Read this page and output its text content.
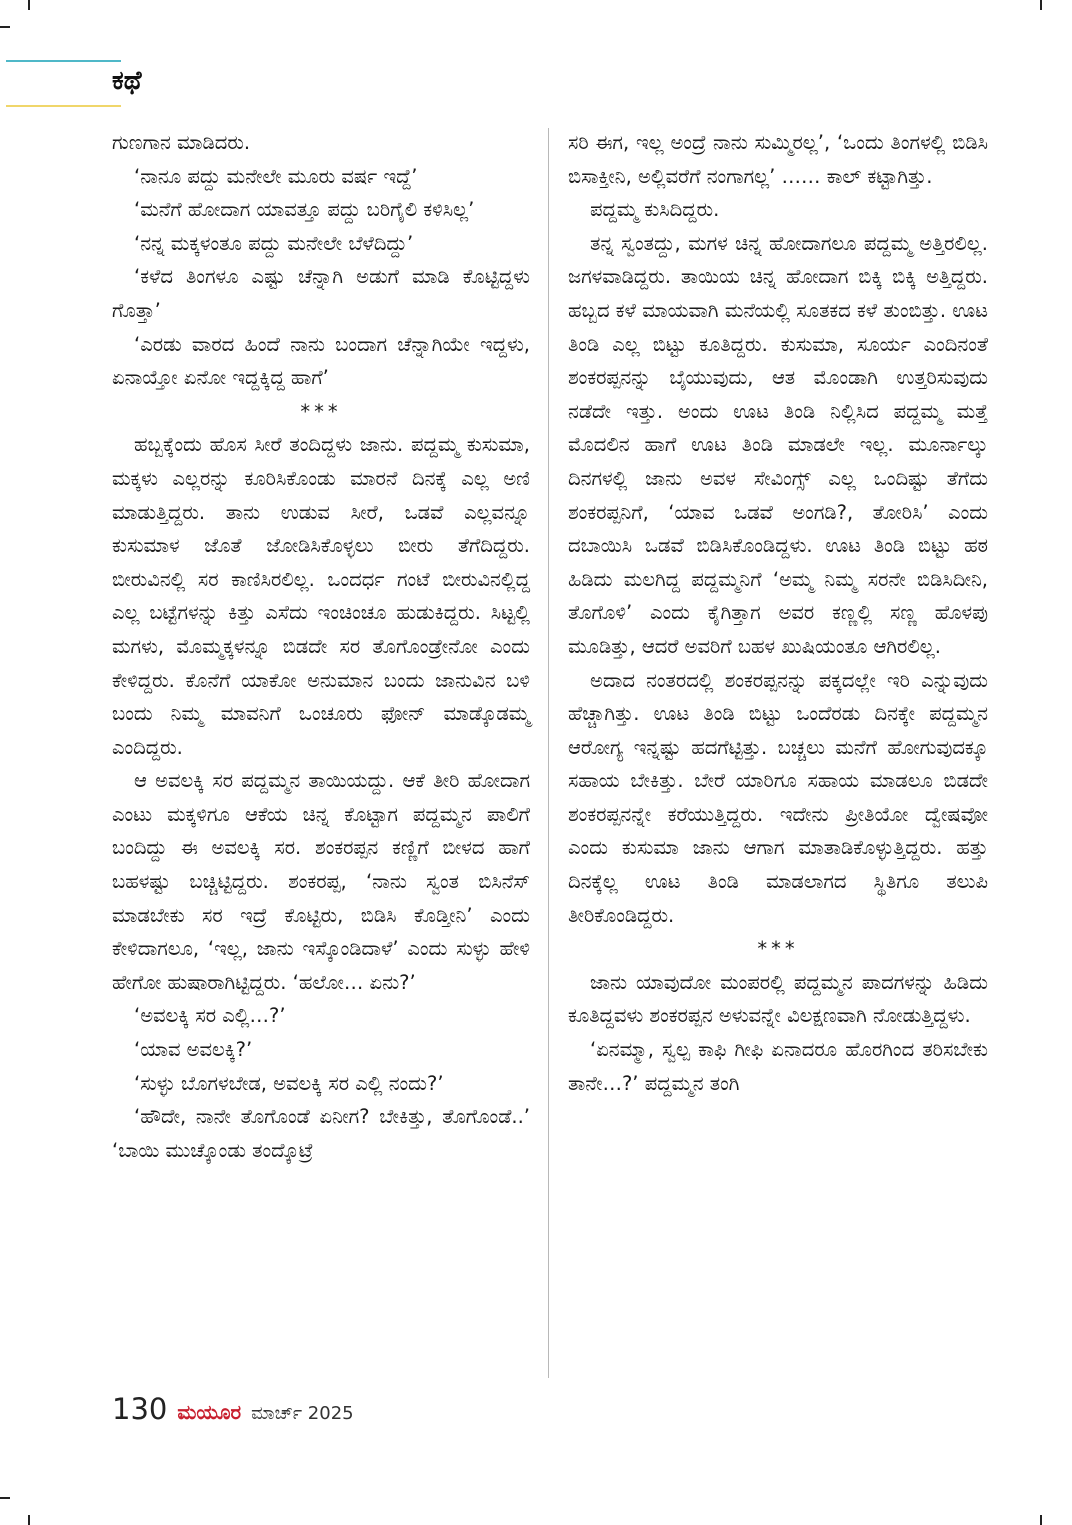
ಕಥೆ

ಗುಣಗಾನ ಮಾಡಿದರು.

‘ನಾನೂ ಪದ್ದು ಮನೇಲೇ ಮೂರು ವರ್ಷ ಇದ್ದೆ’

‘ಮನೆಗೆ ಹೋದಾಗ ಯಾವತ್ತೂ ಪದ್ದು ಬರಿಗೈಲಿ ಕಳಿಸಿಲ್ಲ’

‘ನನ್ನ ಮಕ್ಕಳಂತೂ ಪದ್ದು ಮನೇಲೇ ಬೆಳೆದಿದ್ದು’

‘ಕಳೆದ ತಿಂಗಳೂ ಎಷ್ಟು ಚೆನ್ನಾಗಿ ಅಡುಗೆ ಮಾಡಿ ಕೊಟ್ಟಿದ್ದಳು ಗೊತ್ತಾ’

‘ಎರಡು ವಾರದ ಹಿಂದೆ ನಾನು ಬಂದಾಗ ಚೆನ್ನಾಗಿಯೇ ಇದ್ದಳು, ಏನಾಯ್ತೋ ಏನೋ ಇದ್ದಕ್ಕಿದ್ದ ಹಾಗೆ’

***

ಹಬ್ಬಕ್ಕೆಂದು ಹೊಸ ಸೀರೆ ತಂದಿದ್ದಳು ಜಾನು. ಪದ್ದಮ್ಮ ಕುಸುಮಾ, ಮಕ್ಕಳು ಎಲ್ಲರನ್ನು ಕೂರಿಸಿಕೊಂಡು ಮಾರನೆ ದಿನಕ್ಕೆ ಎಲ್ಲ ಅಣಿ ಮಾಡುತ್ತಿದ್ದರು. ತಾನು ಉಡುವ ಸೀರೆ, ಒಡವೆ ಎಲ್ಲವನ್ನೂ ಕುಸುಮಾಳ ಜೊತೆ ಜೋಡಿಸಿಕೊಳ್ಳಲು ಬೀರು ತೆಗೆದಿದ್ದರು. ಬೀರುವಿನಲ್ಲಿ ಸರ ಕಾಣಿಸಿರಲಿಲ್ಲ. ಒಂದರ್ಧ ಗಂಟೆ ಬೀರುವಿನಲ್ಲಿದ್ದ ಎಲ್ಲ ಬಟ್ಟೆಗಳನ್ನು ಕಿತ್ತು ಎಸೆದು ಇಂಚಿಂಚೂ ಹುಡುಕಿದ್ದರು. ಸಿಟ್ಟಲ್ಲಿ ಮಗಳು, ಮೊಮ್ಮಕ್ಕಳನ್ನೂ ಬಿಡದೇ ಸರ ತೊಗೊಂಡ್ರೇನೋ ಎಂದು ಕೇಳಿದ್ದರು. ಕೊನೆಗೆ ಯಾಕೋ ಅನುಮಾನ ಬಂದು ಜಾನುವಿನ ಬಳಿ ಬಂದು ನಿಮ್ಮ ಮಾವನಿಗೆ ಒಂಚೂರು ಫೋನ್ ಮಾಡ್ಕೊಡಮ್ಮ ಎಂದಿದ್ದರು.

ಆ ಅವಲಕ್ಕಿ ಸರ ಪದ್ದಮ್ಮನ ತಾಯಿಯದ್ದು. ಆಕೆ ತೀರಿ ಹೋದಾಗ ಎಂಟು ಮಕ್ಕಳಿಗೂ ಆಕೆಯ ಚಿನ್ನ ಕೊಟ್ಟಾಗ ಪದ್ದಮ್ಮನ ಪಾಲಿಗೆ ಬಂದಿದ್ದು ಈ ಅವಲಕ್ಕಿ ಸರ. ಶಂಕರಪ್ಪನ ಕಣ್ಣಿಗೆ ಬೀಳದ ಹಾಗೆ ಬಹಳಷ್ಟು ಬಚ್ಚಿಟ್ಟಿದ್ದರು. ಶಂಕರಪ್ಪ, ‘ನಾನು ಸ್ವಂತ ಬಿಸಿನೆಸ್ ಮಾಡಬೇಕು ಸರ ಇದ್ರೆ ಕೊಟ್ಟಿರು, ಬಿಡಿಸಿ ಕೊಡ್ತೀನಿ’ ಎಂದು ಕೇಳಿದಾಗಲೂ, ‘ಇಲ್ಲ, ಜಾನು ಇಸ್ಕೊಂಡಿದಾಳೆ’ ಎಂದು ಸುಳ್ಳು ಹೇಳಿ ಹೇಗೋ ಹುಷಾರಾಗಿಟ್ಟಿದ್ದರು. ‘ಹಲೋ… ಏನು?’

‘ಅವಲಕ್ಕಿ ಸರ ಎಲ್ಲಿ…?’

‘ಯಾವ ಅವಲಕ್ಕಿ?’

‘ಸುಳ್ಳು ಬೊಗಳಬೇಡ, ಅವಲಕ್ಕಿ ಸರ ಎಲ್ಲಿ ನಂದು?’

‘ಹೌದೇ, ನಾನೇ ತೊಗೊಂಡೆ ಏನೀಗ? ಬೇಕಿತ್ತು, ತೊಗೊಂಡೆ..’ ‘ಬಾಯಿ ಮುಚ್ಕೊಂಡು ತಂದ್ಕೊಟ್ರೆ

ಸರಿ ಈಗ, ಇಲ್ಲ ಅಂದ್ರೆ ನಾನು ಸುಮ್ಮಿರಲ್ಲ’, ‘ಒಂದು ತಿಂಗಳಲ್ಲಿ ಬಿಡಿಸಿ ಬಿಸಾಕ್ತೀನಿ, ಅಲ್ಲಿವರೆಗೆ ನಂಗಾಗಲ್ಲ’ …… ಕಾಲ್ ಕಟ್ಟಾಗಿತ್ತು.

ಪದ್ದಮ್ಮ ಕುಸಿದಿದ್ದರು.

ತನ್ನ ಸ್ವಂತದ್ದು, ಮಗಳ ಚಿನ್ನ ಹೋದಾಗಲೂ ಪದ್ದಮ್ಮ ಅತ್ತಿರಲಿಲ್ಲ. ಜಗಳವಾಡಿದ್ದರು. ತಾಯಿಯ ಚಿನ್ನ ಹೋದಾಗ ಬಿಕ್ಕಿ ಬಿಕ್ಕಿ ಅತ್ತಿದ್ದರು. ಹಬ್ಬದ ಕಳೆ ಮಾಯವಾಗಿ ಮನೆಯಲ್ಲಿ ಸೂತಕದ ಕಳೆ ತುಂಬಿತ್ತು. ಊಟ ತಿಂಡಿ ಎಲ್ಲ ಬಿಟ್ಟು ಕೂತಿದ್ದರು. ಕುಸುಮಾ, ಸೂರ್ಯ ಎಂದಿನಂತೆ ಶಂಕರಪ್ಪನನ್ನು ಬೈಯುವುದು, ಆತ ಮೊಂಡಾಗಿ ಉತ್ತರಿಸುವುದು ನಡೆದೇ ಇತ್ತು. ಅಂದು ಊಟ ತಿಂಡಿ ನಿಲ್ಲಿಸಿದ ಪದ್ದಮ್ಮ ಮತ್ತೆ ಮೊದಲಿನ ಹಾಗೆ ಊಟ ತಿಂಡಿ ಮಾಡಲೇ ಇಲ್ಲ. ಮೂರ್ನಾಲ್ಕು ದಿನಗಳಲ್ಲಿ ಜಾನು ಅವಳ ಸೇವಿಂಗ್ಸ್ ಎಲ್ಲ ಒಂದಿಷ್ಟು ತೆಗೆದು ಶಂಕರಪ್ಪನಿಗೆ, ‘ಯಾವ ಒಡವೆ ಅಂಗಡಿ?, ತೋರಿಸಿ’ ಎಂದು ದಬಾಯಿಸಿ ಒಡವೆ ಬಿಡಿಸಿಕೊಂಡಿದ್ದಳು. ಊಟ ತಿಂಡಿ ಬಿಟ್ಟು ಹಠ ಹಿಡಿದು ಮಲಗಿದ್ದ ಪದ್ದಮ್ಮನಿಗೆ ‘ಅಮ್ಮ ನಿಮ್ಮ ಸರನೇ ಬಿಡಿಸಿದೀನಿ, ತೊಗೊಳಿ’ ಎಂದು ಕೈಗಿತ್ತಾಗ ಅವರ ಕಣ್ಣಲ್ಲಿ ಸಣ್ಣ ಹೊಳಪು ಮೂಡಿತ್ತು, ಆದರೆ ಅವರಿಗೆ ಬಹಳ ಖುಷಿಯಂತೂ ಆಗಿರಲಿಲ್ಲ.

ಅದಾದ ನಂತರದಲ್ಲಿ ಶಂಕರಪ್ಪನನ್ನು ಪಕ್ಕದಲ್ಲೇ ಇರಿ ಎನ್ನುವುದು ಹೆಚ್ಚಾಗಿತ್ತು. ಊಟ ತಿಂಡಿ ಬಿಟ್ಟು ಒಂದೆರಡು ದಿನಕ್ಕೇ ಪದ್ದಮ್ಮನ ಆರೋಗ್ಯ ಇನ್ನಷ್ಟು ಹದಗೆಟ್ಟಿತ್ತು. ಬಚ್ಚಲು ಮನೆಗೆ ಹೋಗುವುದಕ್ಕೂ ಸಹಾಯ ಬೇಕಿತ್ತು. ಬೇರೆ ಯಾರಿಗೂ ಸಹಾಯ ಮಾಡಲೂ ಬಿಡದೇ ಶಂಕರಪ್ಪನನ್ನೇ ಕರೆಯುತ್ತಿದ್ದರು. ಇದೇನು ಪ್ರೀತಿಯೋ ದ್ವೇಷವೋ ಎಂದು ಕುಸುಮಾ ಜಾನು ಆಗಾಗ ಮಾತಾಡಿಕೊಳ್ಳುತ್ತಿದ್ದರು. ಹತ್ತು ದಿನಕ್ಕೆಲ್ಲ ಊಟ ತಿಂಡಿ ಮಾಡಲಾಗದ ಸ್ಥಿತಿಗೂ ತಲುಪಿ ತೀರಿಕೊಂಡಿದ್ದರು.

***

ಜಾನು ಯಾವುದೋ ಮಂಪರಲ್ಲಿ ಪದ್ದಮ್ಮನ ಪಾದಗಳನ್ನು ಹಿಡಿದು ಕೂತಿದ್ದವಳು ಶಂಕರಪ್ಪನ ಅಳುವನ್ನೇ ವಿಲಕ್ಷಣವಾಗಿ ನೋಡುತ್ತಿದ್ದಳು.

‘ಏನಮ್ಮಾ, ಸ್ವಲ್ಪ ಕಾಫಿ ಗೀಫಿ ಏನಾದರೂ ಹೊರಗಿಂದ ತರಿಸಬೇಕು ತಾನೇ…?’ ಪದ್ದಮ್ಮನ ತಂಗಿ

130 ಮಯೂರ ಮಾರ್ಚ್ 2025
